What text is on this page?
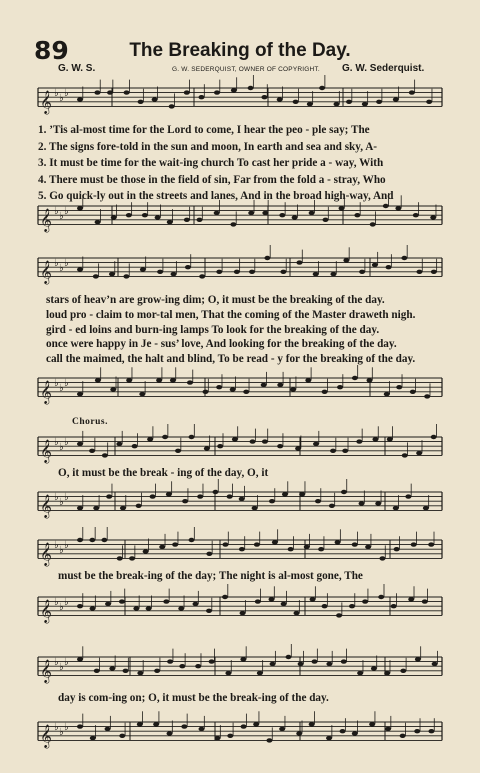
89	The Breaking of the Day.
G. W. S.	G. W. SEDERQUIST, OWNER OF COPYRIGHT. G. W. Sederquist.
𝄞 ♭ ♭ ♭
𝄞 ♭ ♭ ♭
𝄞 ♭ ♭ ♭
𝄞 ♭ ♭ ♭
𝄞 ♭ ♭ ♭
𝄞 ♭ ♭ ♭
𝄞 ♭ ♭ ♭
𝄞 ♭ ♭ ♭
𝄞 ♭ ♭ ♭
𝄞 ♭ ♭ ♭
1. ’Tis al-most time for the Lord to come, I hear the peo - ple say; The
2. The signs fore-told in the sun and moon, In earth and sea and sky, A-
3. It must be time for the wait-ing church To cast her pride a - way, With
4. There must be those in the field of sin, Far from the fold a - stray, Who
5. Go quick-ly out in the streets and lanes, And in the broad high-way, And
stars of heav’n are grow-ing dim; O, it must be the breaking of the day.
loud pro - claim to mor-tal men, That the coming of the Master draweth nigh.
gird - ed loins and burn-ing lamps To look for the breaking of the day.
once were happy in Je - sus’ love, And looking for the breaking of the day.
call the maimed, the halt and blind, To be read - y for the breaking of the day.
Chorus.
O, it must be the break - ing of the day, O, it
must be the break-ing of the day; The night is al-most gone, The
day is com-ing on; O, it must be the break-ing of the day.
